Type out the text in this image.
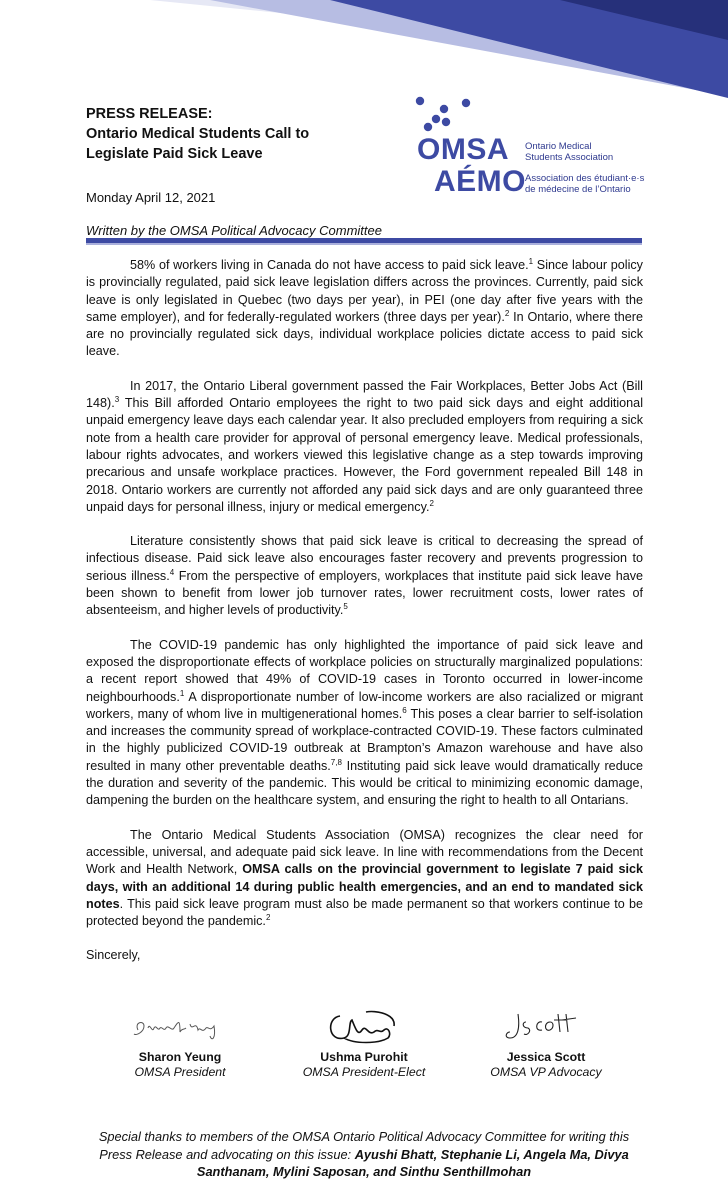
PRESS RELEASE:
Ontario Medical Students Call to
Legislate Paid Sick Leave

Monday April 12, 2021
Written by the OMSA Political Advocacy Committee
OMSA
AÉMO
Ontario Medical
Students Association
Association des étudiant·e·s
de médecine de l’Ontario

58% of workers living in Canada do not have access to paid sick leave.$^1$ Since labour policy is provincially regulated, paid sick leave legislation differs across the provinces. Currently, paid sick leave is only legislated in Quebec (two days per year), in PEI (one day after five years with the same employer), and for federally-regulated workers (three days per year).$^2$ In Ontario, where there are no provincially regulated sick days, individual workplace policies dictate access to paid sick leave.

In 2017, the Ontario Liberal government passed the Fair Workplaces, Better Jobs Act (Bill 148).$^3$ This Bill afforded Ontario employees the right to two paid sick days and eight additional unpaid emergency leave days each calendar year. It also precluded employers from requiring a sick note from a health care provider for approval of personal emergency leave. Medical professionals, labour rights advocates, and workers viewed this legislative change as a step towards improving precarious and unsafe workplace practices. However, the Ford government repealed Bill 148 in 2018. Ontario workers are currently not afforded any paid sick days and are only guaranteed three unpaid days for personal illness, injury or medical emergency.$^2$

Literature consistently shows that paid sick leave is critical to decreasing the spread of infectious disease. Paid sick leave also encourages faster recovery and prevents progression to serious illness.$^4$ From the perspective of employers, workplaces that institute paid sick leave have been shown to benefit from lower job turnover rates, lower recruitment costs, lower rates of absenteeism, and higher levels of productivity.$^5$

The COVID-19 pandemic has only highlighted the importance of paid sick leave and exposed the disproportionate effects of workplace policies on structurally marginalized populations: a recent report showed that 49% of COVID-19 cases in Toronto occurred in lower-income neighbourhoods.$^1$ A disproportionate number of low-income workers are also racialized or migrant workers, many of whom live in multigenerational homes.$^6$ This poses a clear barrier to self-isolation and increases the community spread of workplace-contracted COVID-19. These factors culminated in the highly publicized COVID-19 outbreak at Brampton’s Amazon warehouse and have also resulted in many other preventable deaths.$^{7,8}$ Instituting paid sick leave would dramatically reduce the duration and severity of the pandemic. This would be critical to minimizing economic damage, dampening the burden on the healthcare system, and ensuring the right to health to all Ontarians.

The Ontario Medical Students Association (OMSA) recognizes the clear need for accessible, universal, and adequate paid sick leave. In line with recommendations from the Decent Work and Health Network, OMSA calls on the provincial government to legislate 7 paid sick days, with an additional 14 during public health emergencies, and an end to mandated sick notes. This paid sick leave program must also be made permanent so that workers continue to be protected beyond the pandemic.$^2$

Sincerely,

Sharon Yeung
OMSA President
Ushma Purohit
OMSA President-Elect
Jessica Scott
OMSA VP Advocacy
Special thanks to members of the OMSA Ontario Political Advocacy Committee for writing this Press Release and advocating on this issue: Ayushi Bhatt, Stephanie Li, Angela Ma, Divya Santhanam, Mylini Saposan, and Sinthu Senthillmohan
